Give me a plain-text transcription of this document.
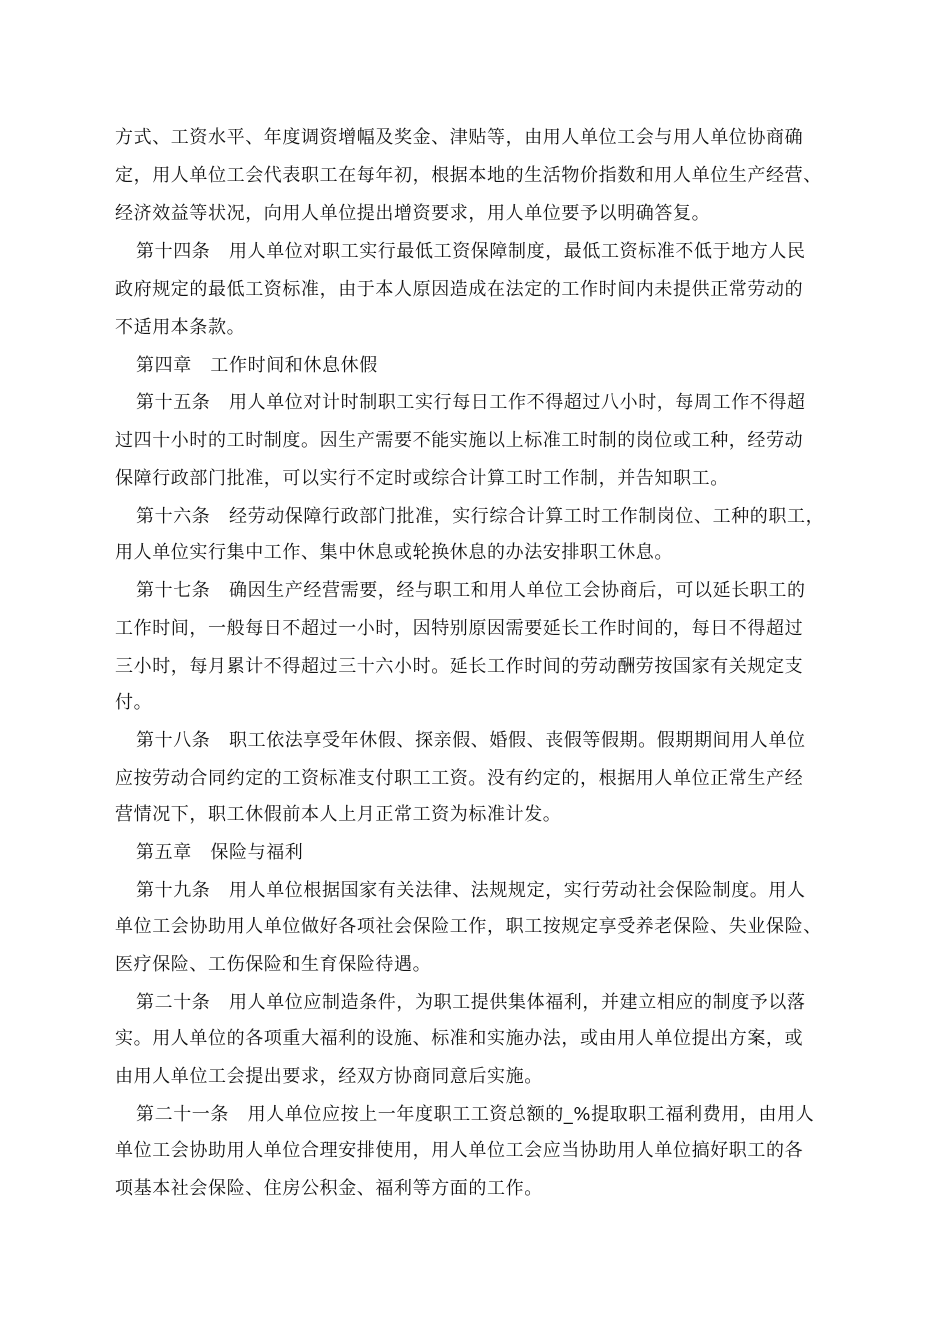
方式、工资水平、年度调资增幅及奖金、津贴等，由用人单位工会与用人单位协商确

定，用人单位工会代表职工在每年初，根据本地的生活物价指数和用人单位生产经营、

经济效益等状况，向用人单位提出增资要求，用人单位要予以明确答复。

第十四条　用人单位对职工实行最低工资保障制度，最低工资标准不低于地方人民

政府规定的最低工资标准，由于本人原因造成在法定的工作时间内未提供正常劳动的

不适用本条款。

第四章　工作时间和休息休假

第十五条　用人单位对计时制职工实行每日工作不得超过八小时，每周工作不得超

过四十小时的工时制度。因生产需要不能实施以上标准工时制的岗位或工种，经劳动

保障行政部门批准，可以实行不定时或综合计算工时工作制，并告知职工。

第十六条　经劳动保障行政部门批准，实行综合计算工时工作制岗位、工种的职工，

用人单位实行集中工作、集中休息或轮换休息的办法安排职工休息。

第十七条　确因生产经营需要，经与职工和用人单位工会协商后，可以延长职工的

工作时间，一般每日不超过一小时，因特别原因需要延长工作时间的，每日不得超过

三小时，每月累计不得超过三十六小时。延长工作时间的劳动酬劳按国家有关规定支

付。

第十八条　职工依法享受年休假、探亲假、婚假、丧假等假期。假期期间用人单位

应按劳动合同约定的工资标准支付职工工资。没有约定的，根据用人单位正常生产经

营情况下，职工休假前本人上月正常工资为标准计发。

第五章　保险与福利

第十九条　用人单位根据国家有关法律、法规规定，实行劳动社会保险制度。用人

单位工会协助用人单位做好各项社会保险工作，职工按规定享受养老保险、失业保险、

医疗保险、工伤保险和生育保险待遇。

第二十条　用人单位应制造条件，为职工提供集体福利，并建立相应的制度予以落

实。用人单位的各项重大福利的设施、标准和实施办法，或由用人单位提出方案，或

由用人单位工会提出要求，经双方协商同意后实施。

第二十一条　用人单位应按上一年度职工工资总额的_%提取职工福利费用，由用人

单位工会协助用人单位合理安排使用，用人单位工会应当协助用人单位搞好职工的各

项基本社会保险、住房公积金、福利等方面的工作。
